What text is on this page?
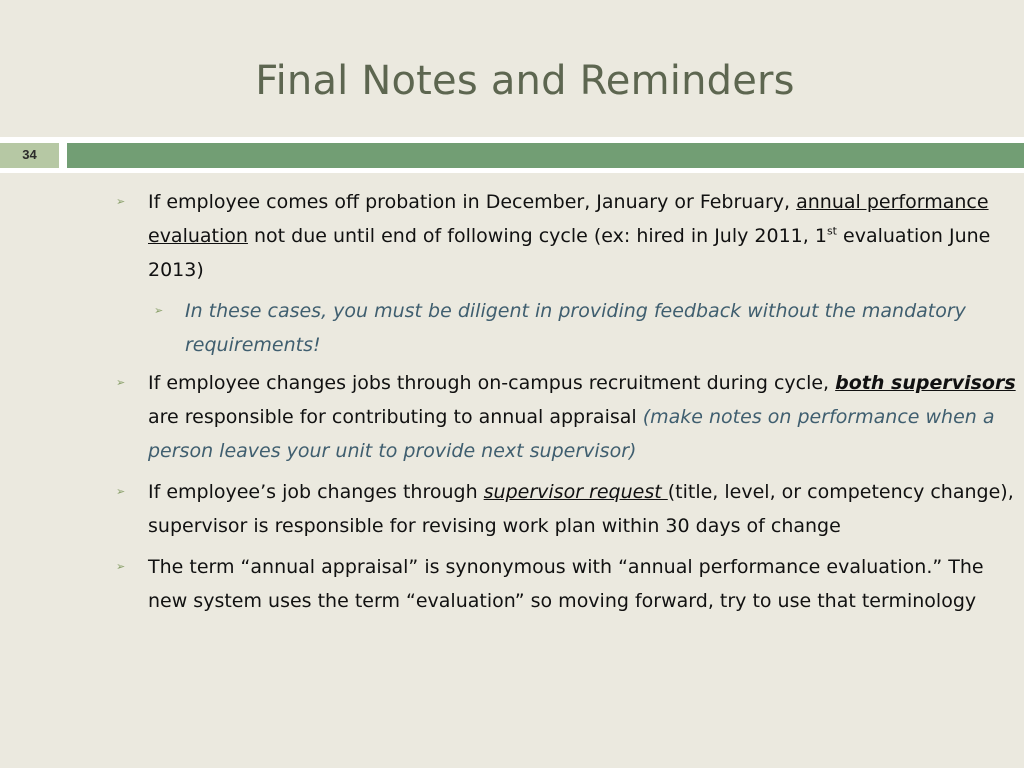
Final Notes and Reminders
34
➢ If employee comes off probation in December, January or February, annual performance evaluation not due until end of following cycle (ex: hired in July 2011, 1st evaluation June 2013)
➢ In these cases, you must be diligent in providing feedback without the mandatory requirements!
➢ If employee changes jobs through on-campus recruitment during cycle, both supervisors are responsible for contributing to annual appraisal (make notes on performance when a person leaves your unit to provide next supervisor)
➢ If employee’s job changes through supervisor request (title, level, or competency change), supervisor is responsible for revising work plan within 30 days of change
➢ The term “annual appraisal” is synonymous with “annual performance evaluation.” The new system uses the term “evaluation” so moving forward, try to use that terminology
